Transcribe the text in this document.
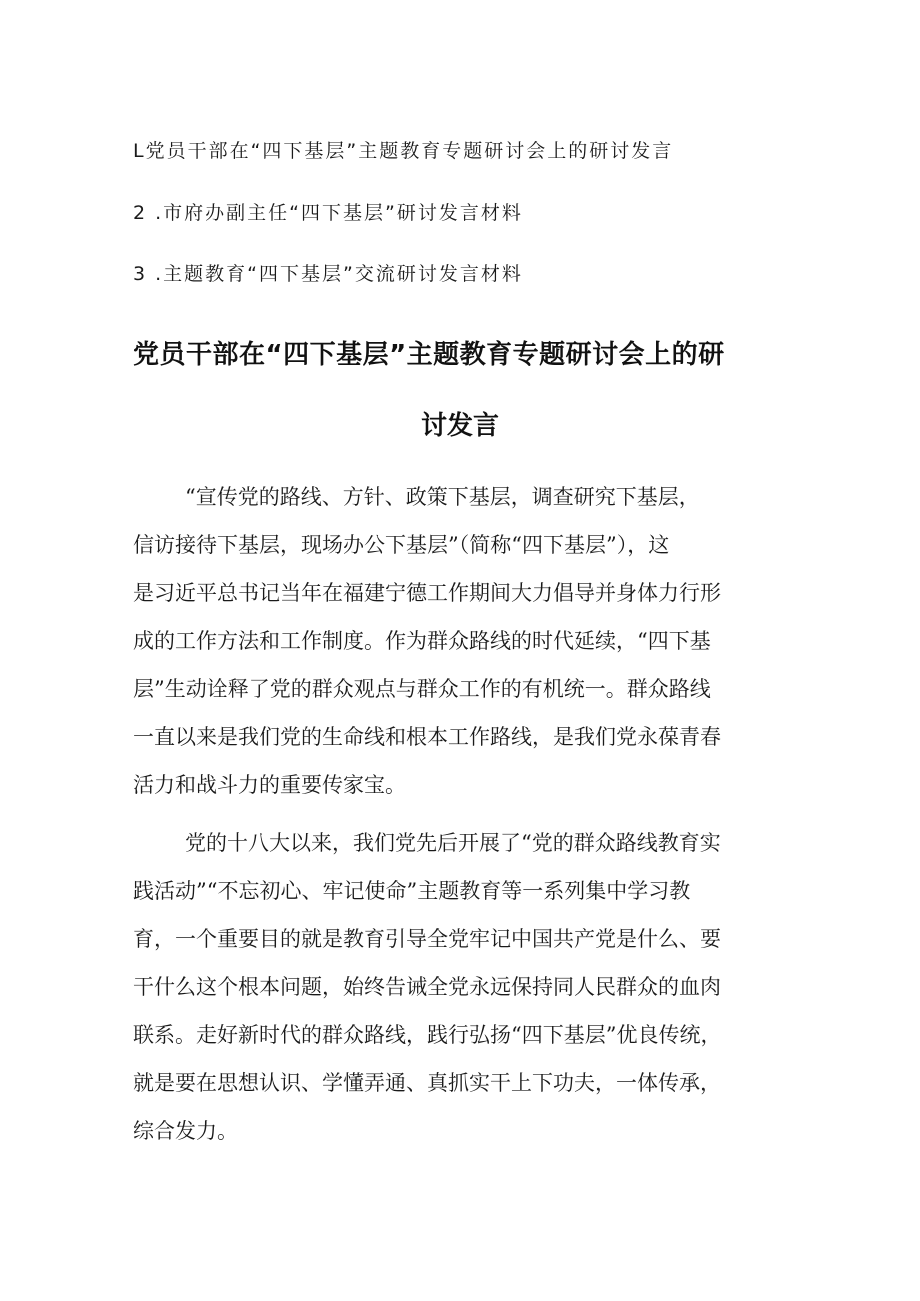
L党员干部在“四下基层”主题教育专题研讨会上的研讨发言
2 .市府办副主任“四下基层”研讨发言材料
3 .主题教育“四下基层”交流研讨发言材料
党员干部在“四下基层”主题教育专题研讨会上的研
讨发言
“宣传党的路线、方针、政策下基层，调查研究下基层，
信访接待下基层，现场办公下基层”（简称“四下基层”），这
是习近平总书记当年在福建宁德工作期间大力倡导并身体力行形
成的工作方法和工作制度。作为群众路线的时代延续，“四下基
层”生动诠释了党的群众观点与群众工作的有机统一。群众路线
一直以来是我们党的生命线和根本工作路线，是我们党永葆青春
活力和战斗力的重要传家宝。
党的十八大以来，我们党先后开展了“党的群众路线教育实
践活动”“不忘初心、牢记使命”主题教育等一系列集中学习教
育，一个重要目的就是教育引导全党牢记中国共产党是什么、要
干什么这个根本问题，始终告诫全党永远保持同人民群众的血肉
联系。走好新时代的群众路线，践行弘扬“四下基层”优良传统，
就是要在思想认识、学懂弄通、真抓实干上下功夫，一体传承，
综合发力。
